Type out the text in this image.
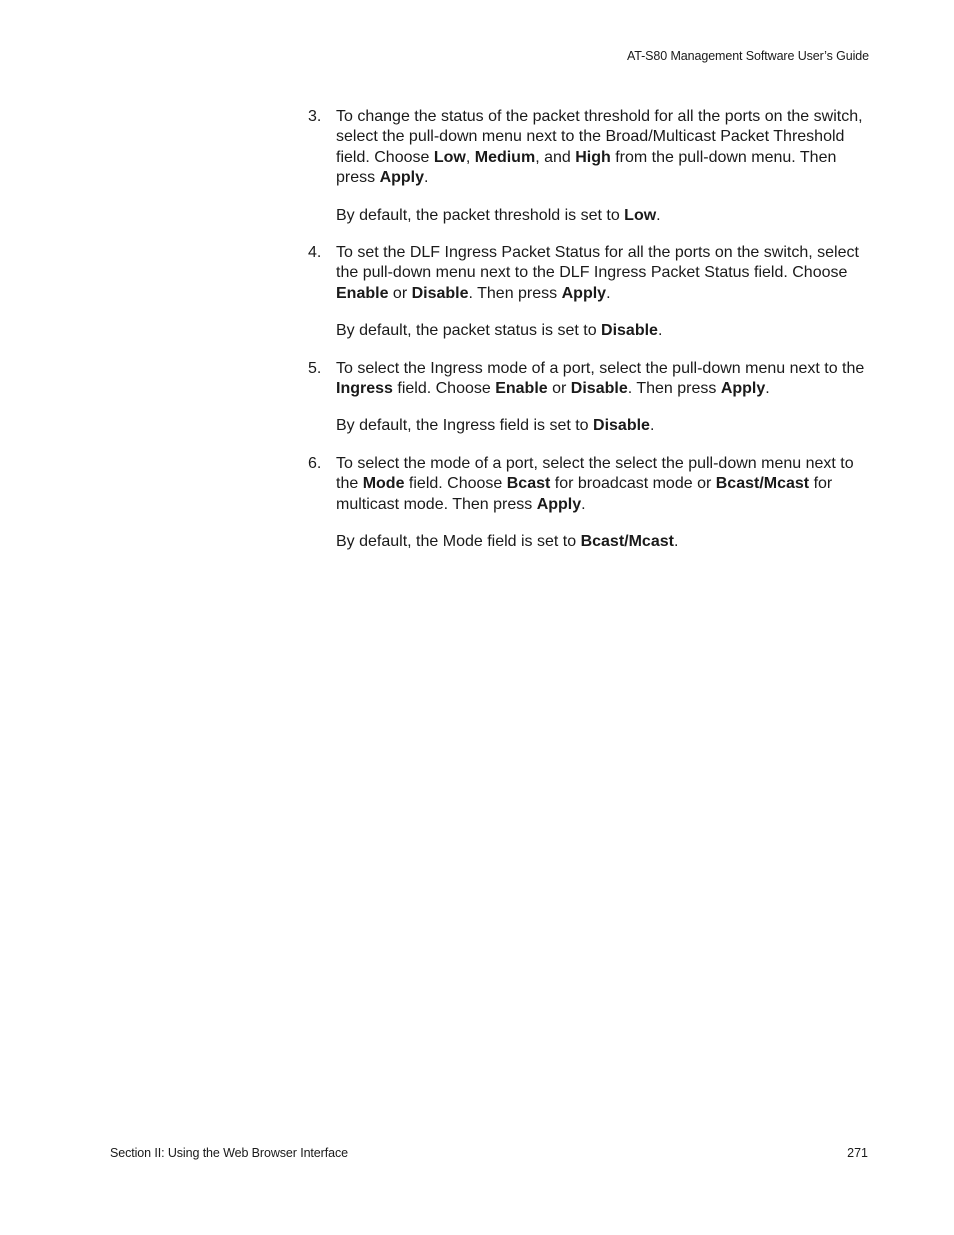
AT-S80 Management Software User’s Guide
3. To change the status of the packet threshold for all the ports on the switch, select the pull-down menu next to the Broad/Multicast Packet Threshold field. Choose Low, Medium, and High from the pull-down menu. Then press Apply.
By default, the packet threshold is set to Low.
4. To set the DLF Ingress Packet Status for all the ports on the switch, select the pull-down menu next to the DLF Ingress Packet Status field. Choose Enable or Disable. Then press Apply.
By default, the packet status is set to Disable.
5. To select the Ingress mode of a port, select the pull-down menu next to the Ingress field. Choose Enable or Disable. Then press Apply.
By default, the Ingress field is set to Disable.
6. To select the mode of a port, select the select the pull-down menu next to the Mode field. Choose Bcast for broadcast mode or Bcast/Mcast for multicast mode. Then press Apply.
By default, the Mode field is set to Bcast/Mcast.
Section II: Using the Web Browser Interface	271
